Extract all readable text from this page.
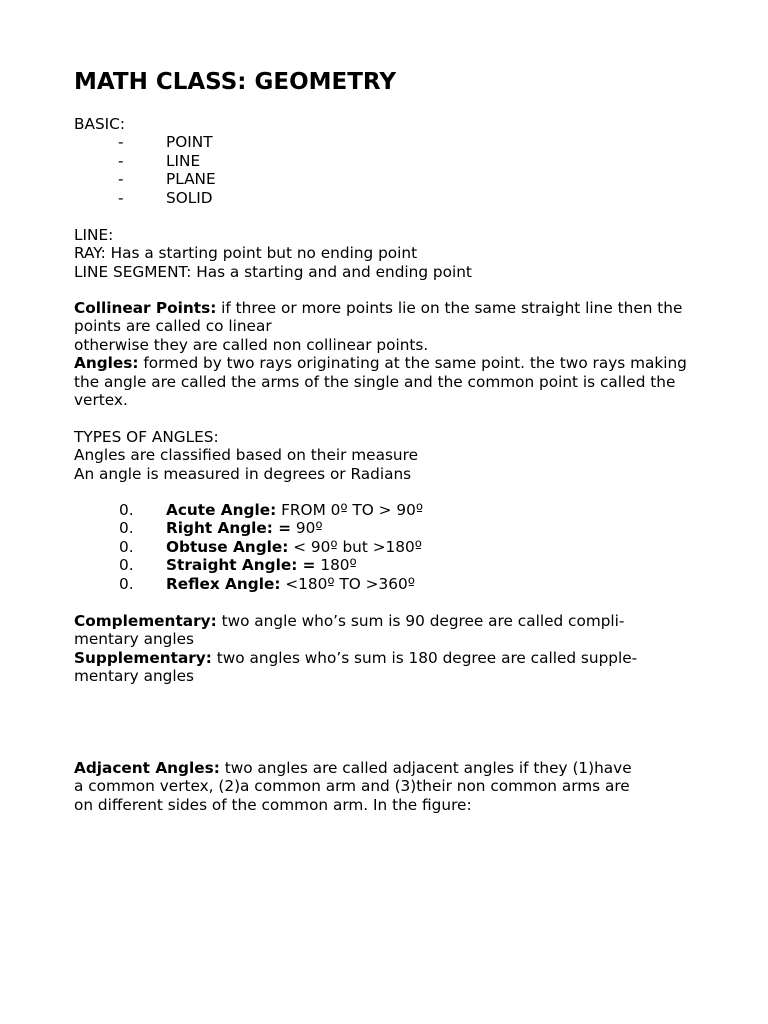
MATH CLASS: GEOMETRY
BASIC:
-	POINT
-	LINE
-	PLANE
-	SOLID
LINE:
RAY: Has a starting point but no ending point
LINE SEGMENT: Has a starting and and ending point
Collinear Points: if three or more points lie on the same straight line then the points are called co linear
otherwise they are called non collinear points.
Angles: formed by two rays originating at the same point. the two rays making the angle are called the arms of the single and the common point is called the vertex.
TYPES OF ANGLES:
Angles are classified based on their measure
An angle is measured in degrees or Radians
0. Acute Angle: FROM 0º TO > 90º
0. Right Angle: = 90º
0. Obtuse Angle: < 90º but >180º
0. Straight Angle: = 180º
0. Reflex Angle: <180º TO >360º
Complementary: two angle who’s sum is 90 degree are called compli-
mentary angles
Supplementary: two angles who’s sum is 180 degree are called supple-
mentary angles
Adjacent Angles: two angles are called adjacent angles if they (1)have
a common vertex, (2)a common arm and (3)their non common arms are
on different sides of the common arm. In the figure:
